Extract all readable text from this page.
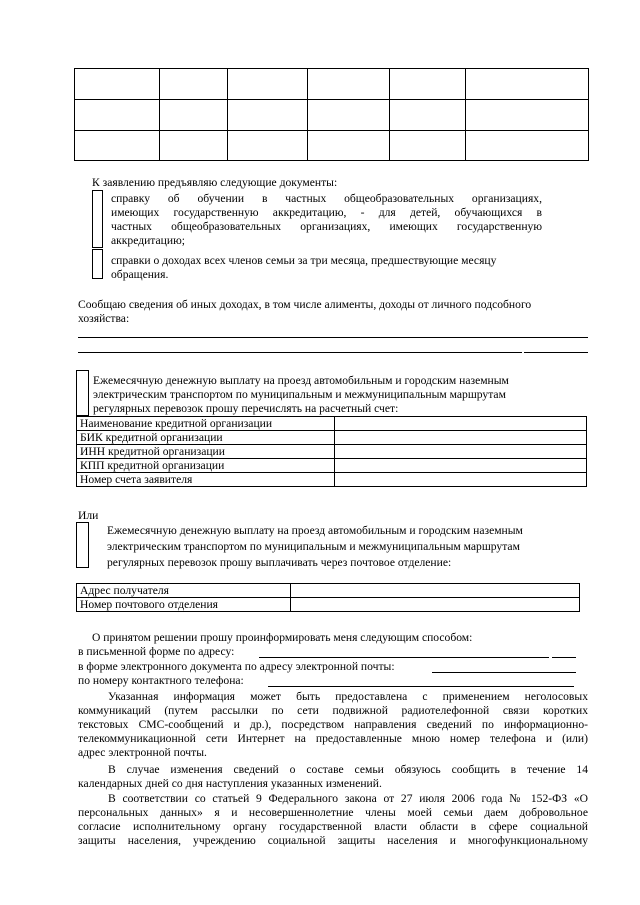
К заявлению предъявляю следующие документы:
справку об обучении в частных общеобразовательных организациях,
имеющих государственную аккредитацию, - для детей, обучающихся в
частных общеобразовательных организациях, имеющих государственную
аккредитацию;
справки о доходах всех членов семьи за три месяца, предшествующие месяцу
обращения.
Сообщаю сведения об иных доходах, в том числе алименты, доходы от личного подсобного
хозяйства:
Ежемесячную денежную выплату на проезд автомобильным и городским наземным
электрическим транспортом по муниципальным и межмуниципальным маршрутам
регулярных перевозок прошу перечислять на расчетный счет:
Наименование кредитной организации	
БИК кредитной организации	
ИНН кредитной организации	
КПП кредитной организации	
Номер счета заявителя	
Или
Ежемесячную денежную выплату на проезд автомобильным и городским наземным
электрическим транспортом по муниципальным и межмуниципальным маршрутам
регулярных перевозок прошу выплачивать через почтовое отделение:
Адрес получателя	
Номер почтового отделения	
О принятом решении прошу проинформировать меня следующим способом:
в письменной форме по адресу:
в форме электронного документа по адресу электронной почты:
по номеру контактного телефона:
Указанная информация может быть предоставлена с применением неголосовых
коммуникаций (путем рассылки по сети подвижной радиотелефонной связи коротких
текстовых СМС-сообщений и др.), посредством направления сведений по информационно-
телекоммуникационной сети Интернет на предоставленные мною номер телефона и (или)
адрес электронной почты.
В случае изменения сведений о составе семьи обязуюсь сообщить в течение 14
календарных дней со дня наступления указанных изменений.
В соответствии со статьей 9 Федерального закона от 27 июля 2006 года № 152-ФЗ «О
персональных данных» я и несовершеннолетние члены моей семьи даем добровольное
согласие исполнительному органу государственной власти области в сфере социальной
защиты населения, учреждению социальной защиты населения и многофункциональному
